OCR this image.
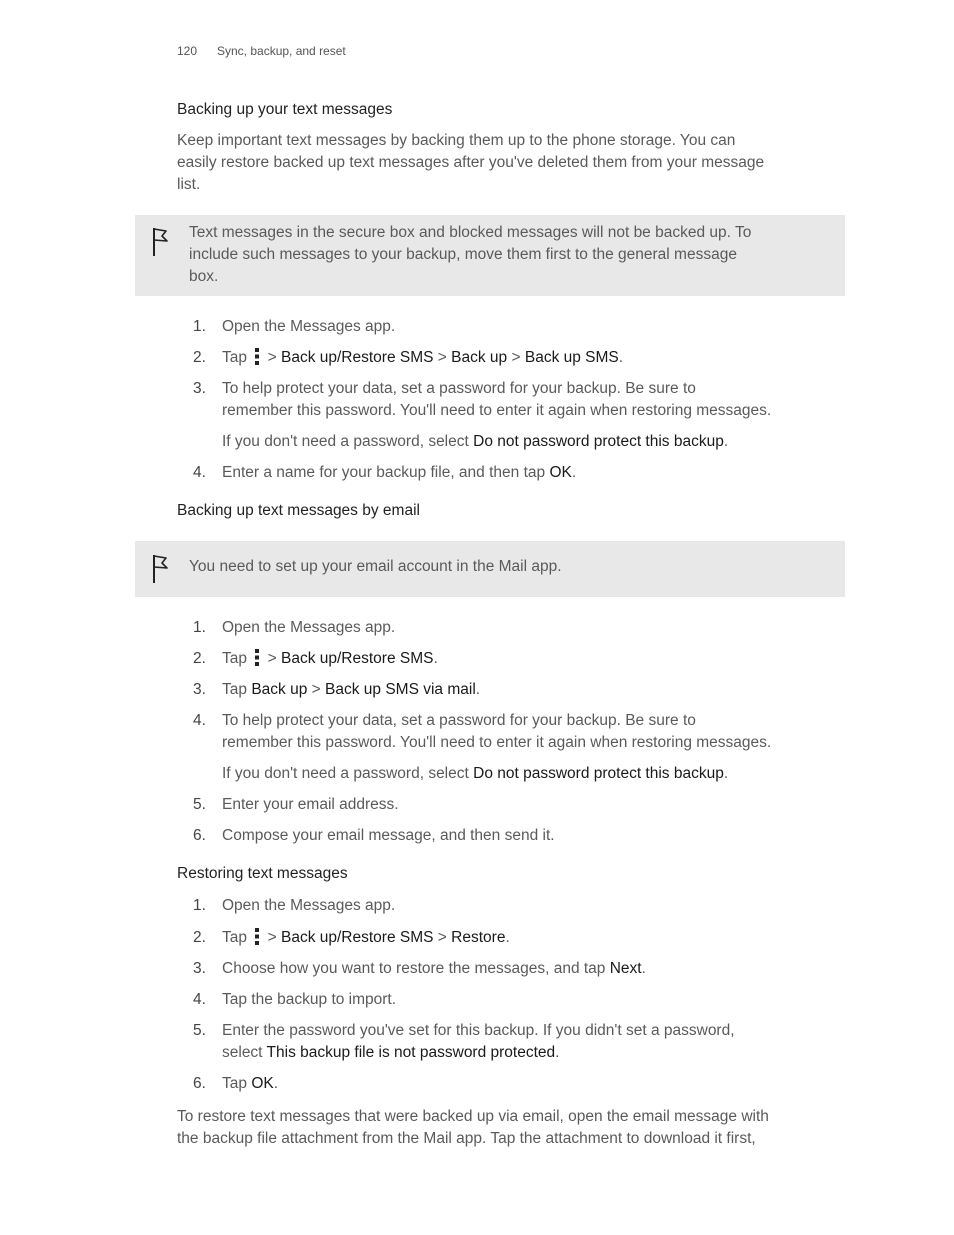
120 Sync, backup, and reset
Backing up your text messages
Keep important text messages by backing them up to the phone storage. You can
easily restore backed up text messages after you've deleted them from your message
list.
Text messages in the secure box and blocked messages will not be backed up. To
include such messages to your backup, move them first to the general message
box.
1.	Open the Messages app.
2.	Tap > Back up/Restore SMS > Back up > Back up SMS.
3.	To help protect your data, set a password for your backup. Be sure to
remember this password. You'll need to enter it again when restoring messages.
If you don't need a password, select Do not password protect this backup.
4.	Enter a name for your backup file, and then tap OK.
Backing up text messages by email
You need to set up your email account in the Mail app.
1.	Open the Messages app.
2.	Tap > Back up/Restore SMS.
3.	Tap Back up > Back up SMS via mail.
4.	To help protect your data, set a password for your backup. Be sure to
remember this password. You'll need to enter it again when restoring messages.
If you don't need a password, select Do not password protect this backup.
5.	Enter your email address.
6.	Compose your email message, and then send it.
Restoring text messages
1.	Open the Messages app.
2.	Tap > Back up/Restore SMS > Restore.
3.	Choose how you want to restore the messages, and tap Next.
4.	Tap the backup to import.
5.	Enter the password you've set for this backup. If you didn't set a password,
select This backup file is not password protected.
6.	Tap OK.
To restore text messages that were backed up via email, open the email message with
the backup file attachment from the Mail app. Tap the attachment to download it first,
